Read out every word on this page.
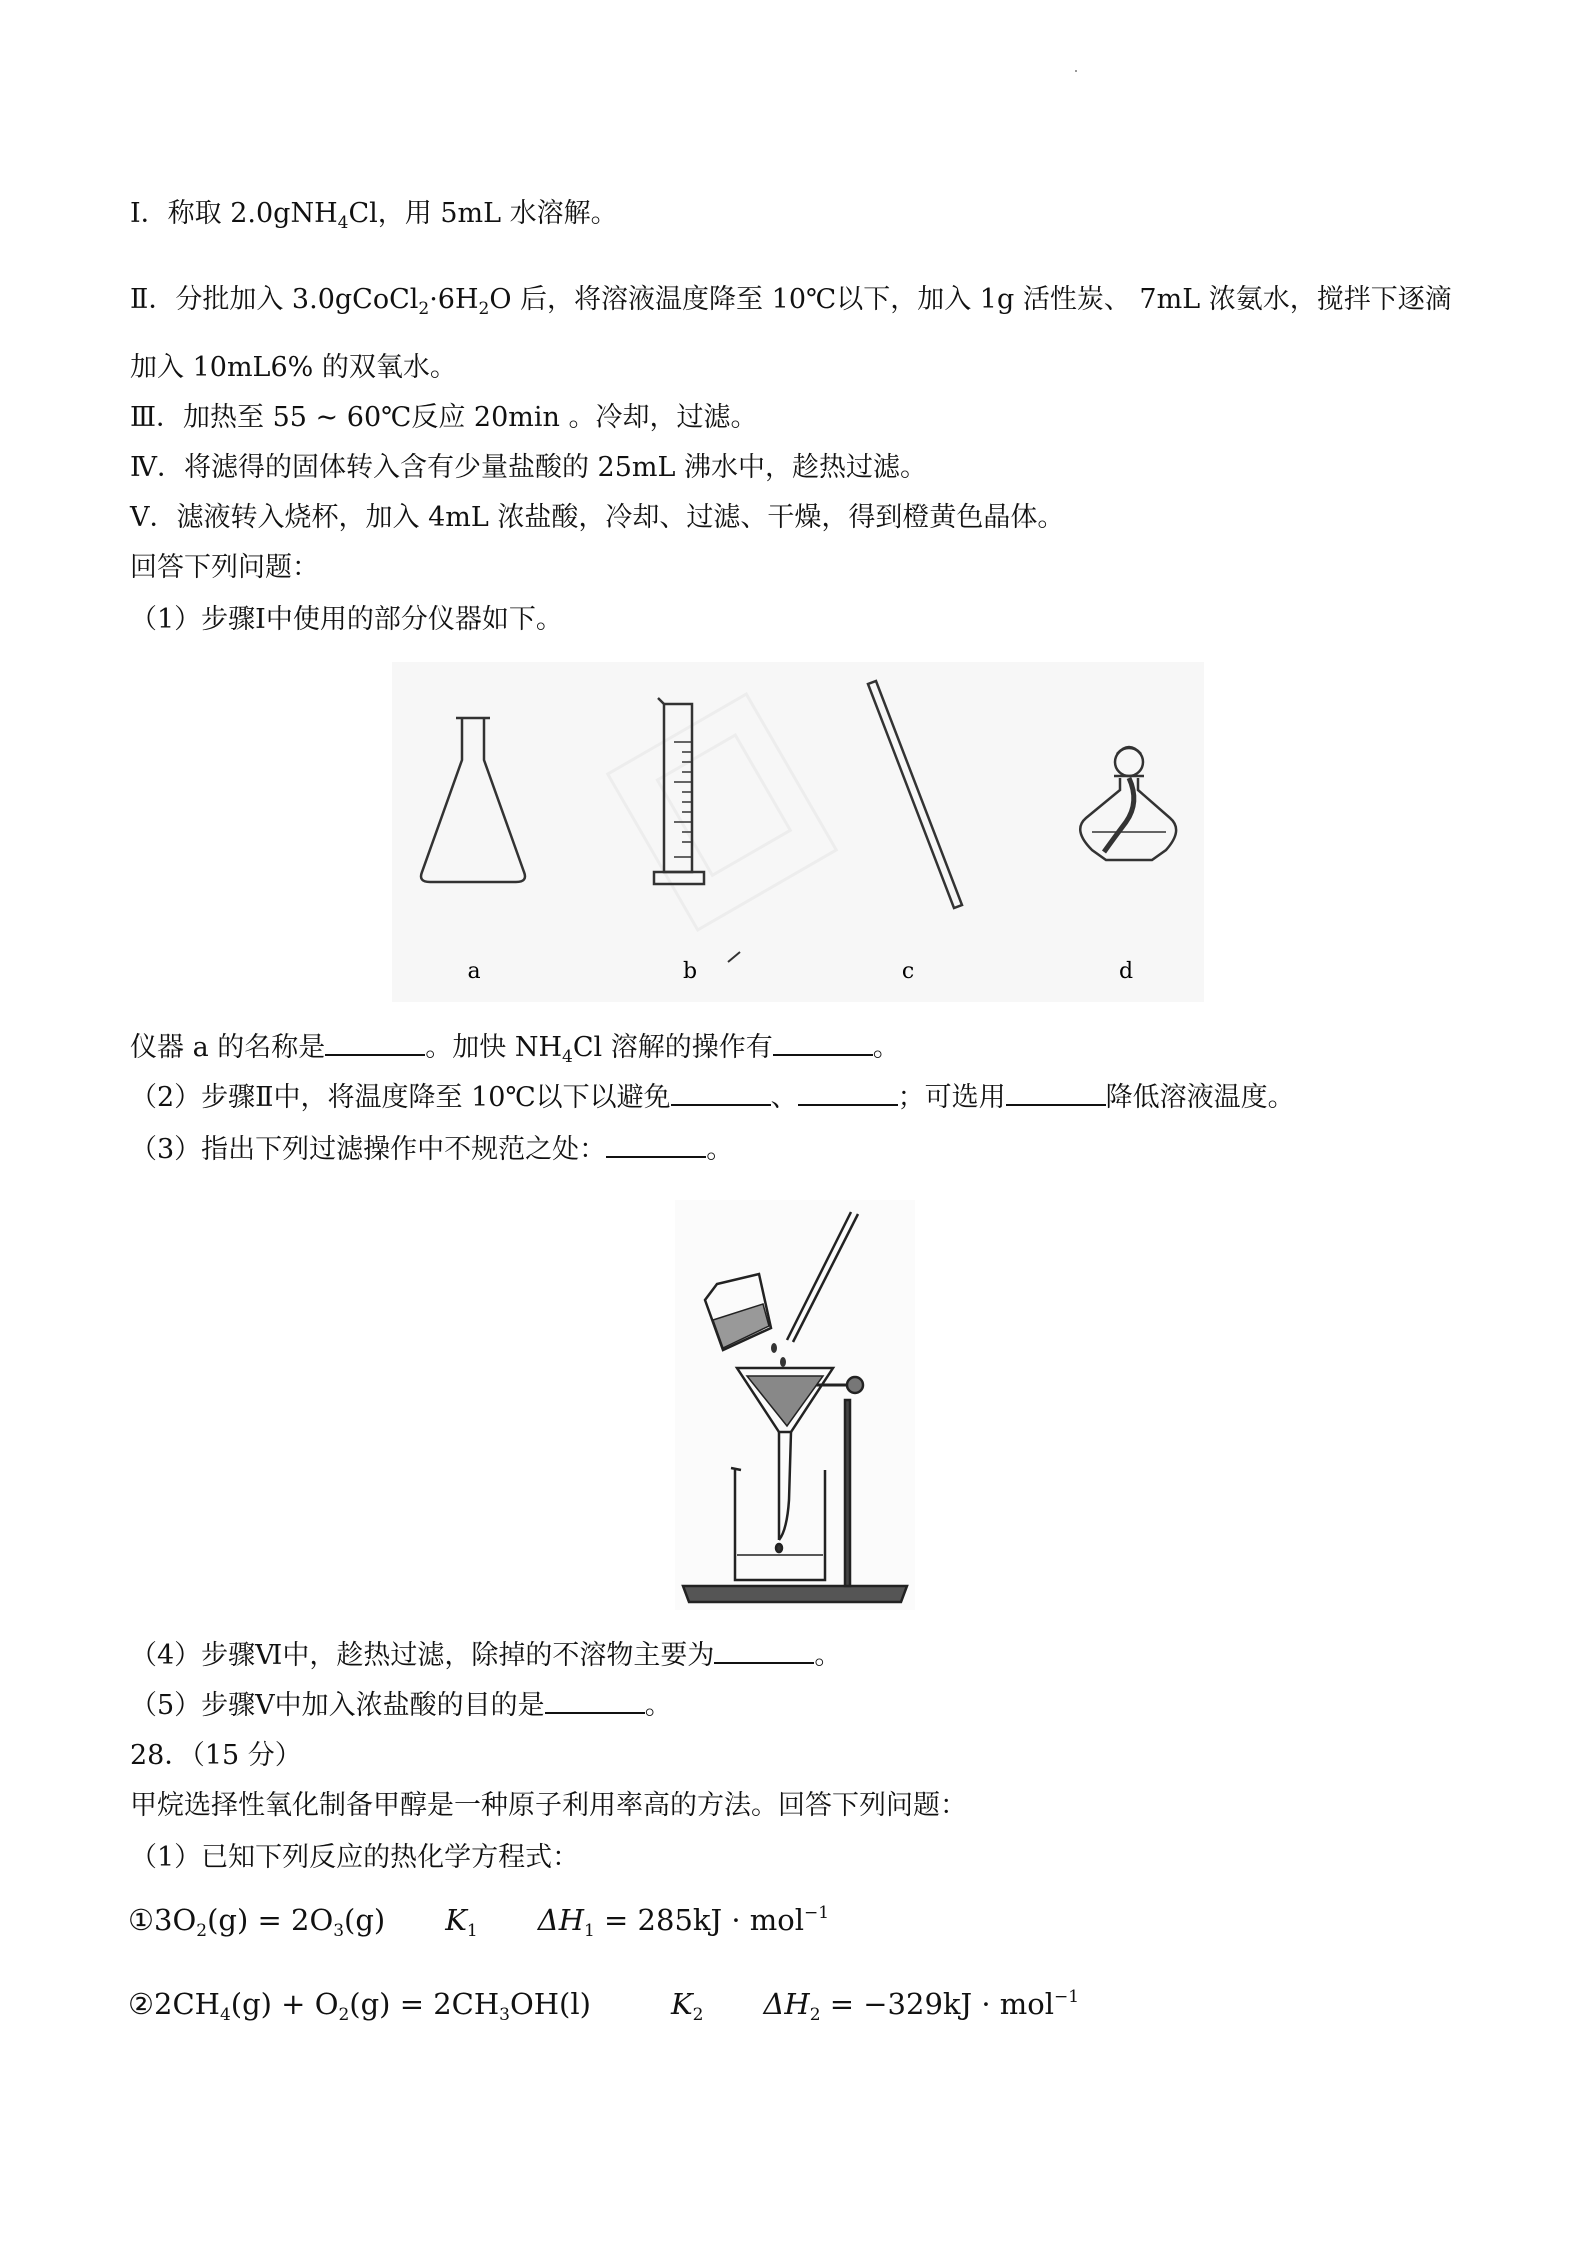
Ⅰ．称取 2.0gNH$_4$Cl，用 5mL 水溶解。
Ⅱ．分批加入 $3.0gCoCl_2\cdot 6H_2O$ 后，将溶液温度降至 10℃以下，加入 1g 活性炭、 7mL 浓氨水，搅拌下逐滴
加入 10mL6% 的双氧水。
Ⅲ．加热至 55 ~ 60℃反应 20min 。冷却，过滤。
Ⅳ．将滤得的固体转入含有少量盐酸的 25mL 沸水中，趁热过滤。
Ⅴ．滤液转入烧杯，加入 4mL 浓盐酸，冷却、过滤、干燥，得到橙黄色晶体。
回答下列问题：
（1）步骤Ⅰ中使用的部分仪器如下。
a	b	c	d
仪器 a 的名称是	。加快 $NH_4Cl$ 溶解的操作有	。
（2）步骤Ⅱ中，将温度降至 10℃以下以避免	、	；可选用	降低溶液温度。
（3）指出下列过滤操作中不规范之处：	。
（4）步骤Ⅵ中，趁热过滤，除掉的不溶物主要为	。
（5）步骤Ⅴ中加入浓盐酸的目的是	。
28．（15 分）
甲烷选择性氧化制备甲醇是一种原子利用率高的方法。回答下列问题：
（1）已知下列反应的热化学方程式：
$①3O_2(g) = 2O_3(g)$ $K_1$ $\Delta H_1 = 285kJ \cdot mol^{-1}$
$②2CH_4(g) + O_2(g) = 2CH_3OH(l)$	$K_2$ $\Delta H_2 = -329kJ \cdot mol^{-1}$
